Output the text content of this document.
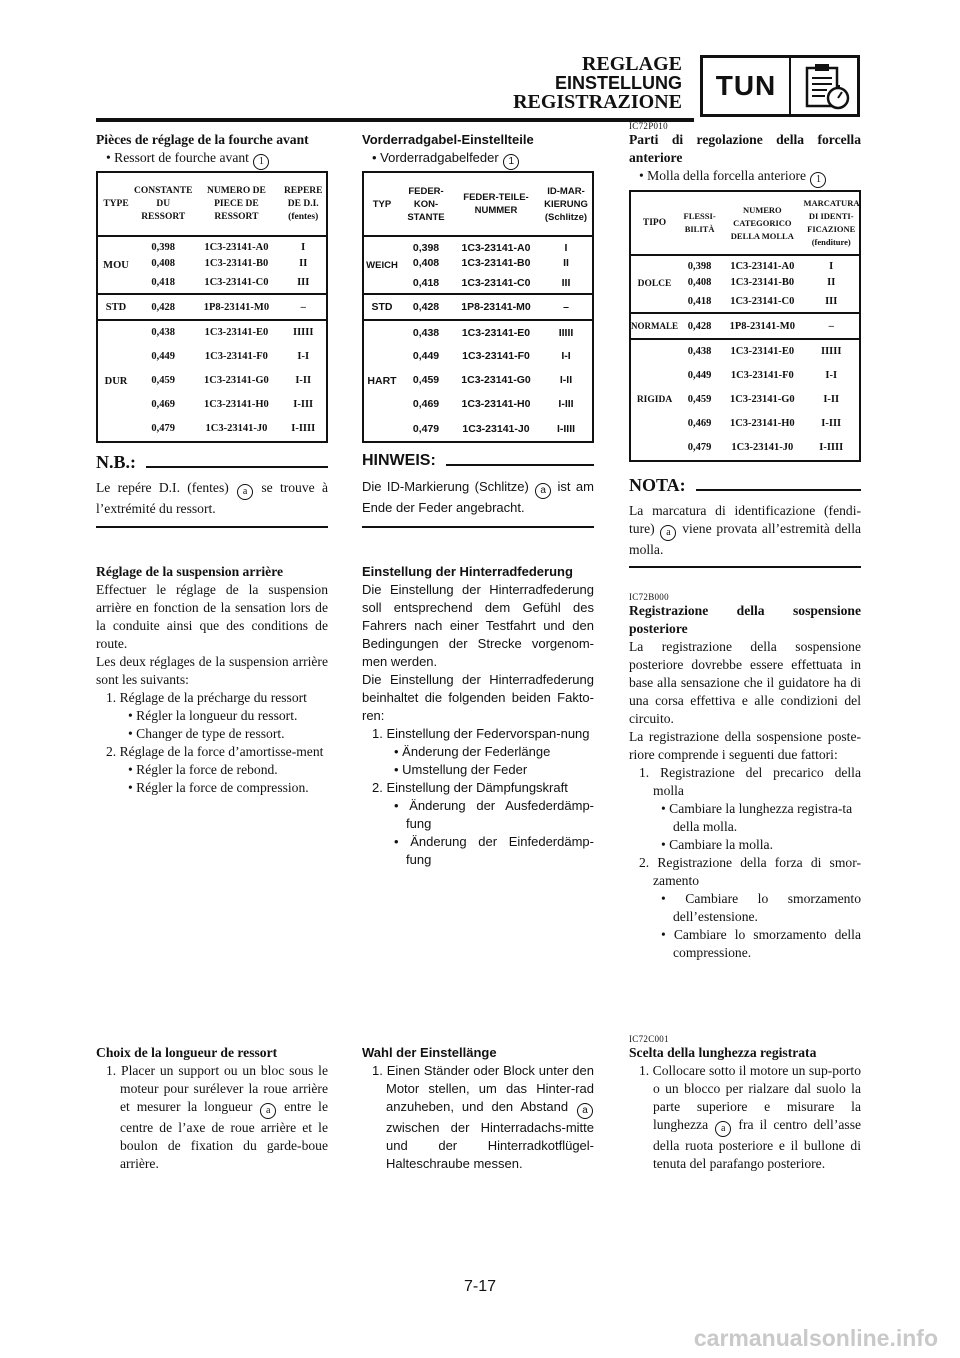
REGLAGE
EINSTELLUNG
REGISTRAZIONE
TUN

Pièces de réglage de la fourche avant

• Ressort de fourche avant 1

TYPE	CONSTANTE DU RESSORT	NUMERO DE PIECE DE RESSORT	REPERE DE D.I. (fentes)
MOU	0,398	1C3-23141-A0	I
	0,408	1C3-23141-B0	II
	0,418	1C3-23141-C0	III
STD	0,428	1P8-23141-M0	–
DUR	0,438	1C3-23141-E0	IIIII
	0,449	1C3-23141-F0	I-I
	0,459	1C3-23141-G0	I-II
	0,469	1C3-23141-H0	I-III
	0,479	1C3-23141-J0	I-IIII
N.B.:

Le repére D.I. (fentes) a se trouve à l’extrémité du ressort.

Réglage de la suspension arrière

Effectuer le réglage de la suspension arrière en fonction de la sensation lors de la conduite ainsi que des conditions de route.

Les deux réglages de la suspension arrière sont les suivants:

1. Réglage de la précharge du ressort

• Régler la longueur du ressort.

• Changer de type de ressort.

2. Réglage de la force d’amortisse-ment

• Régler la force de rebond.

• Régler la force de compression.

Choix de la longueur de ressort

1. Placer un support ou un bloc sous le moteur pour surélever la roue arrière et mesurer la longueur a entre le centre de l’axe de roue arrière et le boulon de fixation du garde-boue arrière.

Vorderradgabel-Einstellteile

• Vorderradgabelfeder 1

TYP	FEDER-KON-STANTE	FEDER-TEILE-NUMMER	ID-MAR-KIERUNG (Schlitze)
WEICH	0,398	1C3-23141-A0	I
	0,408	1C3-23141-B0	II
	0,418	1C3-23141-C0	III
STD	0,428	1P8-23141-M0	–
HART	0,438	1C3-23141-E0	IIIII
	0,449	1C3-23141-F0	I-I
	0,459	1C3-23141-G0	I-II
	0,469	1C3-23141-H0	I-III
	0,479	1C3-23141-J0	I-IIII
HINWEIS:

Die ID-Markierung (Schlitze) a ist am Ende der Feder angebracht.

Einstellung der Hinterradfederung

Die Einstellung der Hinterradfederung soll entsprechend dem Gefühl des Fahrers nach einer Testfahrt und den Bedingungen der Strecke vorgenom-men werden.

Die Einstellung der Hinterradfederung beinhaltet die folgenden beiden Fakto-ren:

1. Einstellung der Federvorspan-nung

• Änderung der Federlänge

• Umstellung der Feder

2. Einstellung der Dämpfungskraft

• Änderung der Ausfederdämp-fung

• Änderung der Einfederdämp-fung

Wahl der Einstellänge

1. Einen Ständer oder Block unter den Motor stellen, um das Hinter-rad anzuheben, und den Abstand a zwischen der Hinterradachs-mitte und der Hinterradkotflügel-Halteschraube messen.

IC72P010

Parti di regolazione della forcella anteriore

• Molla della forcella anteriore 1

TIPO	FLESSI-BILITÀ	NUMERO CATEGORICO DELLA MOLLA	MARCATURA DI IDENTI-FICAZIONE (fenditure)
DOLCE	0,398	1C3-23141-A0	I
	0,408	1C3-23141-B0	II
	0,418	1C3-23141-C0	III
NORMALE	0,428	1P8-23141-M0	–
RIGIDA	0,438	1C3-23141-E0	IIIII
	0,449	1C3-23141-F0	I-I
	0,459	1C3-23141-G0	I-II
	0,469	1C3-23141-H0	I-III
	0,479	1C3-23141-J0	I-IIII
NOTA:

La marcatura di identificazione (fendi-ture) a viene provata all’estremità della molla.

IC72B000

Registrazione della sospensione posteriore

La registrazione della sospensione posteriore dovrebbe essere effettuata in base alla sensazione che il guidatore ha di una corsa effettiva e alle condizioni del circuito.

La registrazione della sospensione poste-riore comprende i seguenti due fattori:

1. Registrazione del precarico della molla

• Cambiare la lunghezza registra-ta della molla.

• Cambiare la molla.

2. Registrazione della forza di smor-zamento

• Cambiare lo smorzamento dell’estensione.

• Cambiare lo smorzamento della compressione.

IC72C001

Scelta della lunghezza registrata

1. Collocare sotto il motore un sup-porto o un blocco per rialzare dal suolo la parte superiore e misurare la lunghezza a fra il centro dell’asse della ruota posteriore e il bullone di tenuta del parafango posteriore.

7-17
carmanualsonline.info
